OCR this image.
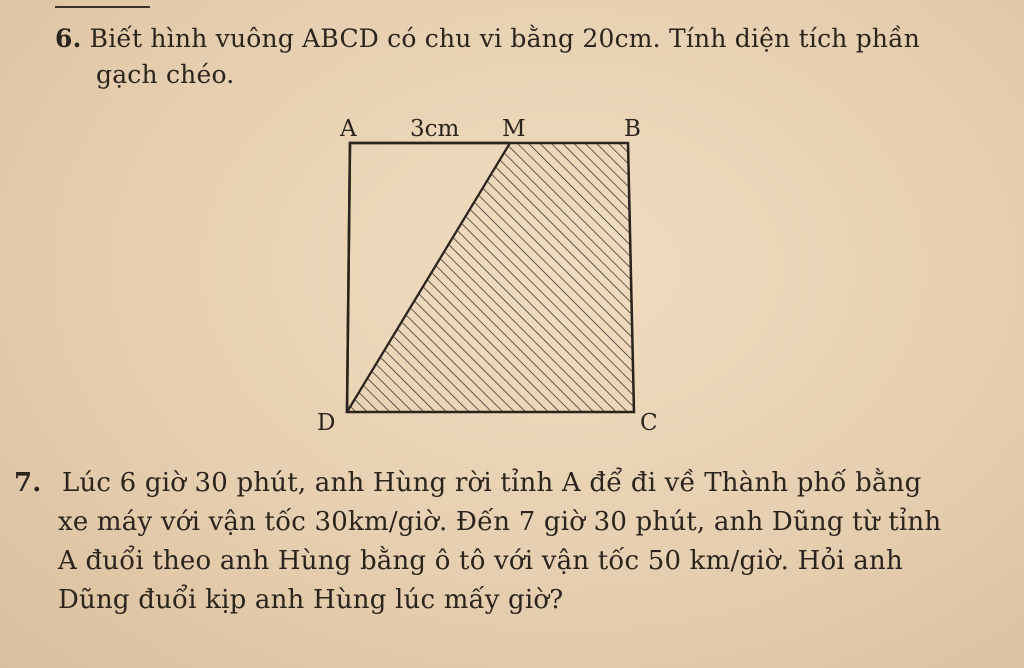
6. Biết hình vuông ABCD có chu vi bằng 20cm. Tính diện tích phần
gạch chéo.
A 3cm M	B
D	C
7. Lúc 6 giờ 30 phút, anh Hùng rời tỉnh A để đi về Thành phố bằng
xe máy với vận tốc 30km/giờ. Đến 7 giờ 30 phút, anh Dũng từ tỉnh
A đuổi theo anh Hùng bằng ô tô với vận tốc 50 km/giờ. Hỏi anh
Dũng đuổi kịp anh Hùng lúc mấy giờ?
